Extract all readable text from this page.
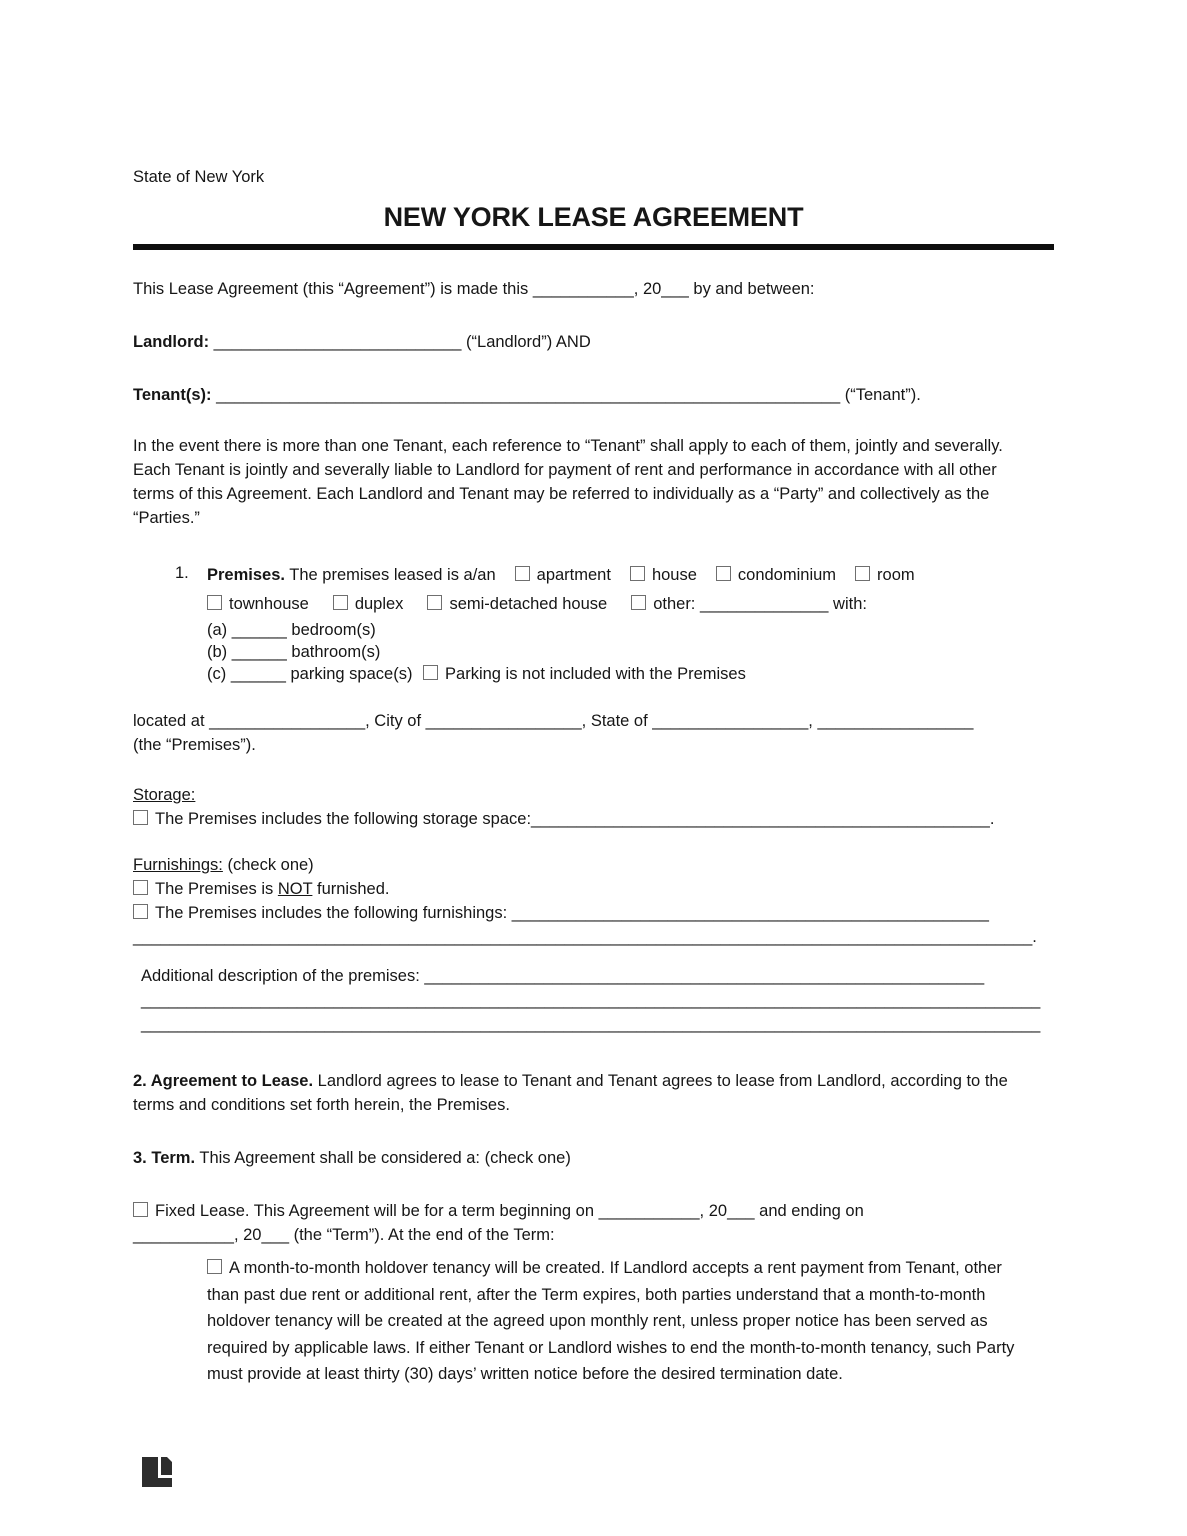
State of New York
NEW YORK LEASE AGREEMENT

This Lease Agreement (this “Agreement”) is made this ___________, 20___ by and between:

Landlord: ___________________________ (“Landlord”) AND

Tenant(s): ____________________________________________________________________ (“Tenant”).

In the event there is more than one Tenant, each reference to “Tenant” shall apply to each of them, jointly and severally. Each Tenant is jointly and severally liable to Landlord for payment of rent and performance in accordance with all other terms of this Agreement. Each Landlord and Tenant may be referred to individually as a “Party” and collectively as the “Parties.”

1. Premises. The premises leased is a/an apartment house condominium room
townhouse	duplex	semi-detached house	other: ______________ with:
(a) ______ bedroom(s)
(b) ______ bathroom(s)
(c) ______ parking space(s) Parking is not included with the Premises
located at _________________, City of _________________, State of _________________, _________________
(the “Premises”).
Storage:
The Premises includes the following storage space:__________________________________________________.
Furnishings: (check one)
The Premises is NOT furnished.
The Premises includes the following furnishings: ____________________________________________________
__________________________________________________________________________________________________.
Additional description of the premises: _____________________________________________________________
__________________________________________________________________________________________________
__________________________________________________________________________________________________

2. Agreement to Lease. Landlord agrees to lease to Tenant and Tenant agrees to lease from Landlord, according to the terms and conditions set forth herein, the Premises.

3. Term. This Agreement shall be considered a: (check one)

Fixed Lease. This Agreement will be for a term beginning on ___________, 20___ and ending on
___________, 20___ (the “Term”). At the end of the Term:
A month-to-month holdover tenancy will be created. If Landlord accepts a rent payment from Tenant, other than past due rent or additional rent, after the Term expires, both parties understand that a month-to-month holdover tenancy will be created at the agreed upon monthly rent, unless proper notice has been served as required by applicable laws. If either Tenant or Landlord wishes to end the month-to-month tenancy, such Party must provide at least thirty (30) days’ written notice before the desired termination date.
